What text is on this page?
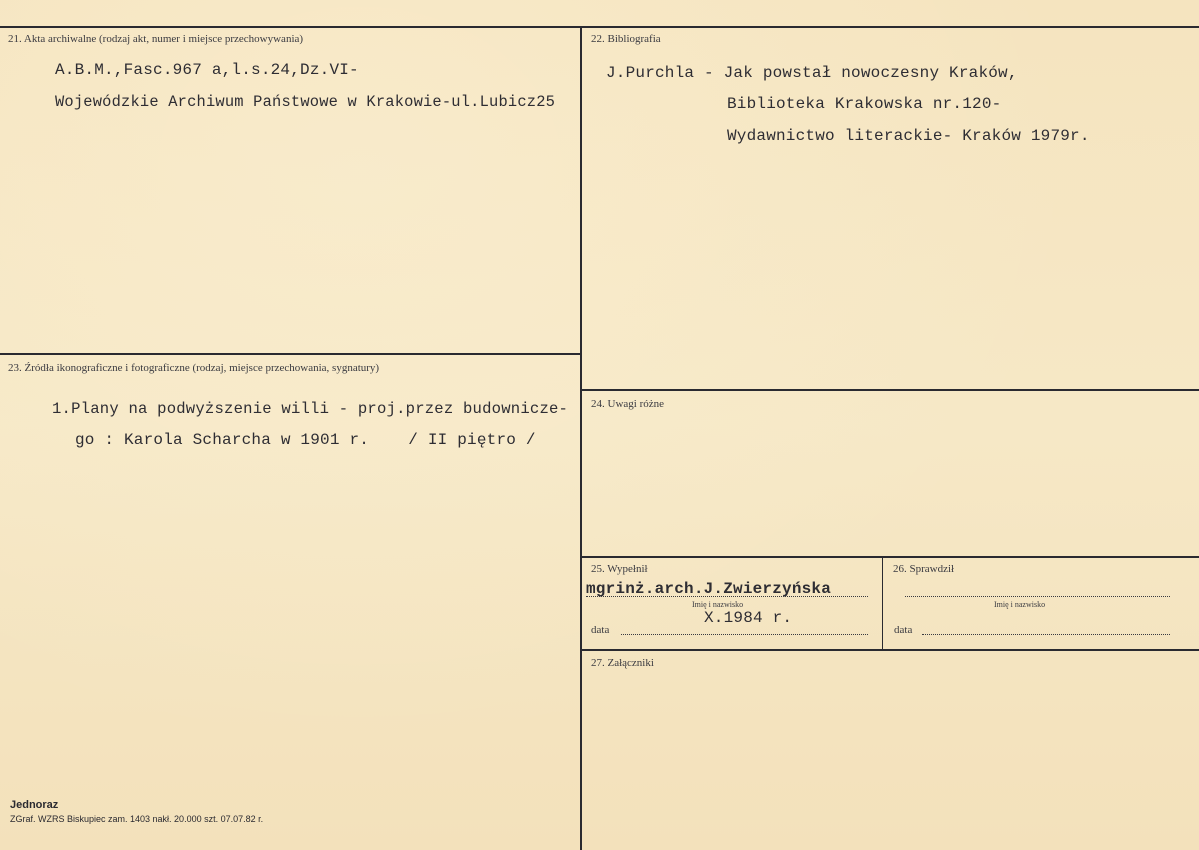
21. Akta archiwalne (rodzaj akt, numer i miejsce przechowywania)
A.B.M.,Fasc.967 a,l.s.24,Dz.VI-
Wojewódzkie Archiwum Państwowe w Krakowie-ul.Lubicz25
22. Bibliografia
J.Purchla - Jak powstał nowoczesny Kraków,
Biblioteka Krakowska nr.120-
Wydawnictwo literackie- Kraków 1979r.
23. Źródła ikonograficzne i fotograficzne (rodzaj, miejsce przechowania, sygnatury)
1.Plany na podwyższenie willi - proj.przez budownicze-
go : Karola Scharcha w 1901 r.    / II piętro /
24. Uwagi różne
25. Wypełnił
mgrinż.arch.J.Zwierzyńska
Imię i nazwisko
X.1984 r.
data
26. Sprawdził
Imię i nazwisko
data
27. Załączniki
Jednoraz
ZGraf. WZRS Biskupiec zam. 1403 nakł. 20.000 szt. 07.07.82 r.
